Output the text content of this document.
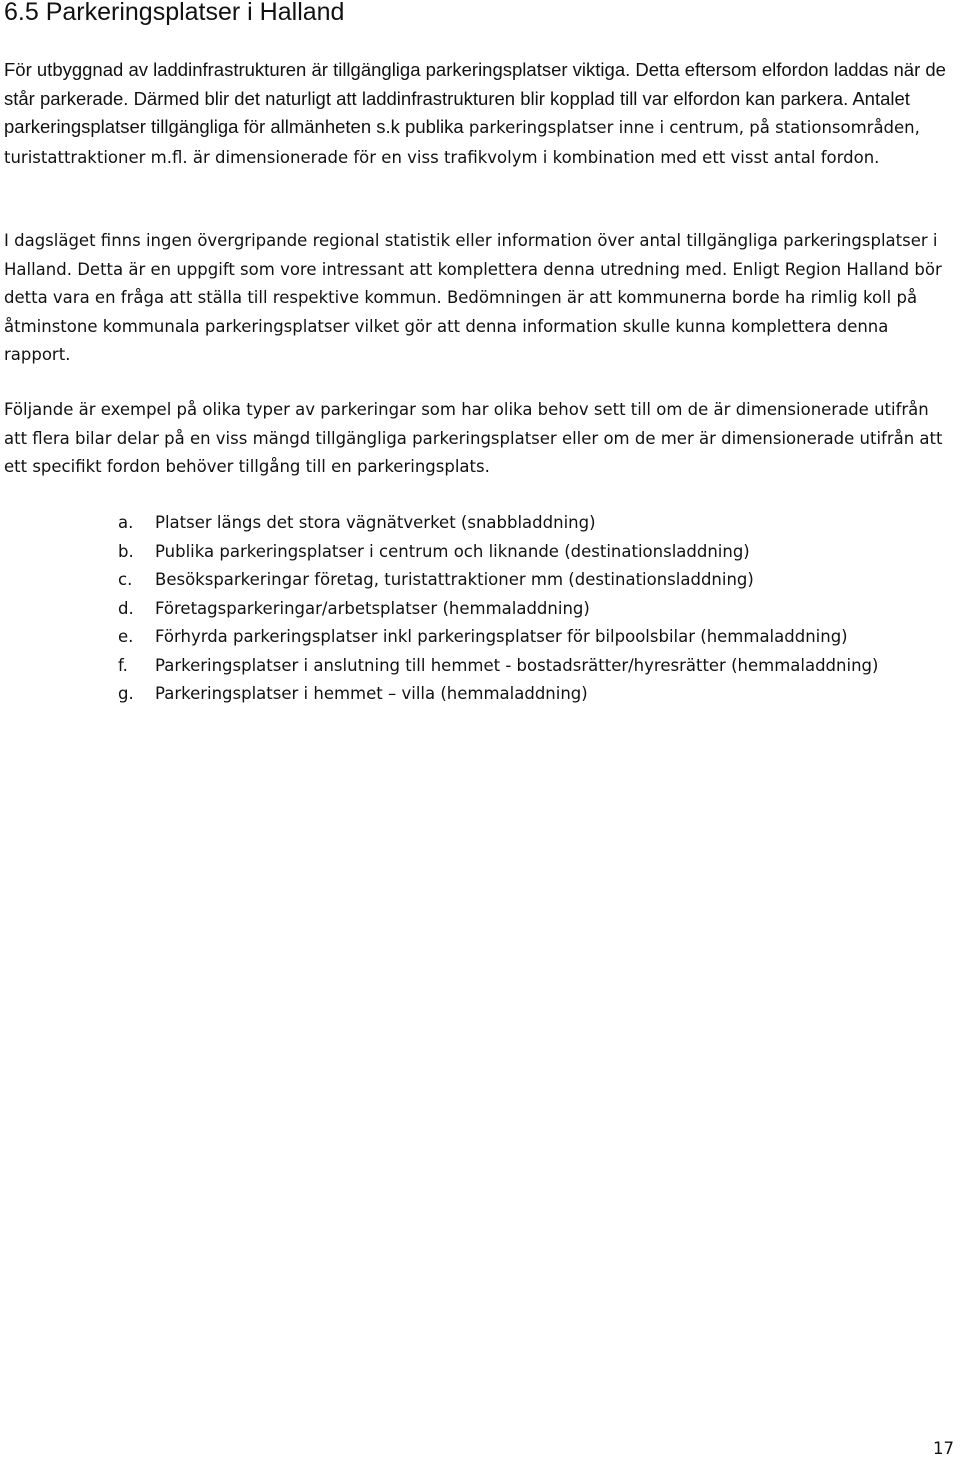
6.5 Parkeringsplatser i Halland

För utbyggnad av laddinfrastrukturen är tillgängliga parkeringsplatser viktiga. Detta eftersom elfordon laddas när de står parkerade. Därmed blir det naturligt att laddinfrastrukturen blir kopplad till var elfordon kan parkera. Antalet parkeringsplatser tillgängliga för allmänheten s.k publika parkeringsplatser inne i centrum, på stationsområden, turistattraktioner m.fl. är dimensionerade för en viss trafikvolym i kombination med ett visst antal fordon.

I dagsläget finns ingen övergripande regional statistik eller information över antal tillgängliga parkeringsplatser i Halland. Detta är en uppgift som vore intressant att komplettera denna utredning med. Enligt Region Halland bör detta vara en fråga att ställa till respektive kommun. Bedömningen är att kommunerna borde ha rimlig koll på åtminstone kommunala parkeringsplatser vilket gör att denna information skulle kunna komplettera denna rapport.

Följande är exempel på olika typer av parkeringar som har olika behov sett till om de är dimensionerade utifrån att flera bilar delar på en viss mängd tillgängliga parkeringsplatser eller om de mer är dimensionerade utifrån att ett specifikt fordon behöver tillgång till en parkeringsplats.

a.	Platser längs det stora vägnätverket (snabbladdning)
b.	Publika parkeringsplatser i centrum och liknande (destinationsladdning)
c.	Besöksparkeringar företag, turistattraktioner mm (destinationsladdning)
d.	Företagsparkeringar/arbetsplatser (hemmaladdning)
e.	Förhyrda parkeringsplatser inkl parkeringsplatser för bilpoolsbilar (hemmaladdning)
f.	Parkeringsplatser i anslutning till hemmet - bostadsrätter/hyresrätter (hemmaladdning)
g.	Parkeringsplatser i hemmet – villa (hemmaladdning)
17
